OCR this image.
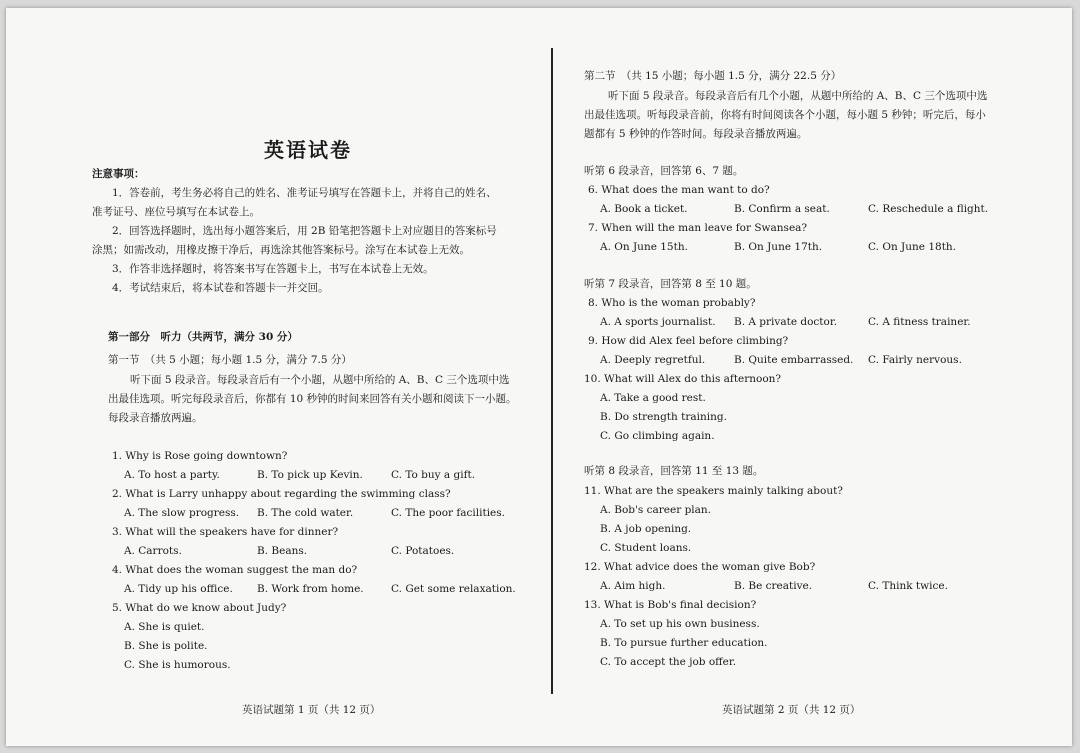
英语试卷
注意事项：
1．答卷前，考生务必将自己的姓名、准考证号填写在答题卡上，并将自己的姓名、
准考证号、座位号填写在本试卷上。
2．回答选择题时，选出每小题答案后，用 2B 铅笔把答题卡上对应题目的答案标号
涂黑；如需改动，用橡皮擦干净后，再选涂其他答案标号。涂写在本试卷上无效。
3．作答非选择题时，将答案书写在答题卡上，书写在本试卷上无效。
4．考试结束后，将本试卷和答题卡一并交回。
第一部分　听力（共两节，满分 30 分）
第一节　（共 5 小题；每小题 1.5 分，满分 7.5 分）
听下面 5 段录音。每段录音后有一个小题，从题中所给的 A、B、C 三个选项中选
出最佳选项。听完每段录音后，你都有 10 秒钟的时间来回答有关小题和阅读下一小题。
每段录音播放两遍。
1. Why is Rose going downtown?
A. To host a party.	B. To pick up Kevin.	C. To buy a gift.
2. What is Larry unhappy about regarding the swimming class?
A. The slow progress. B. The cold water.	C. The poor facilities.
3. What will the speakers have for dinner?
A. Carrots.	B. Beans.	C. Potatoes.
4. What does the woman suggest the man do?
A. Tidy up his office. B. Work from home.	C. Get some relaxation.
5. What do we know about Judy?
A. She is quiet.
B. She is polite.
C. She is humorous.
英语试题第 1 页（共 12 页）
第二节　（共 15 小题；每小题 1.5 分，满分 22.5 分）
听下面 5 段录音。每段录音后有几个小题，从题中所给的 A、B、C 三个选项中选
出最佳选项。听每段录音前，你将有时间阅读各个小题，每小题 5 秒钟；听完后，每小
题都有 5 秒钟的作答时间。每段录音播放两遍。
听第 6 段录音，回答第 6、7 题。
6. What does the man want to do?
A. Book a ticket.	B. Confirm a seat.	C. Reschedule a flight.
7. When will the man leave for Swansea?
A. On June 15th.	B. On June 17th.	C. On June 18th.
听第 7 段录音，回答第 8 至 10 题。
8. Who is the woman probably?
A. A sports journalist. B. A private doctor.	C. A fitness trainer.
9. How did Alex feel before climbing?
A. Deeply regretful.	B. Quite embarrassed. C. Fairly nervous.
10. What will Alex do this afternoon?
A. Take a good rest.
B. Do strength training.
C. Go climbing again.
听第 8 段录音，回答第 11 至 13 题。
11. What are the speakers mainly talking about?
A. Bob's career plan.
B. A job opening.
C. Student loans.
12. What advice does the woman give Bob?
A. Aim high.	B. Be creative.	C. Think twice.
13. What is Bob's final decision?
A. To set up his own business.
B. To pursue further education.
C. To accept the job offer.
英语试题第 2 页（共 12 页）
